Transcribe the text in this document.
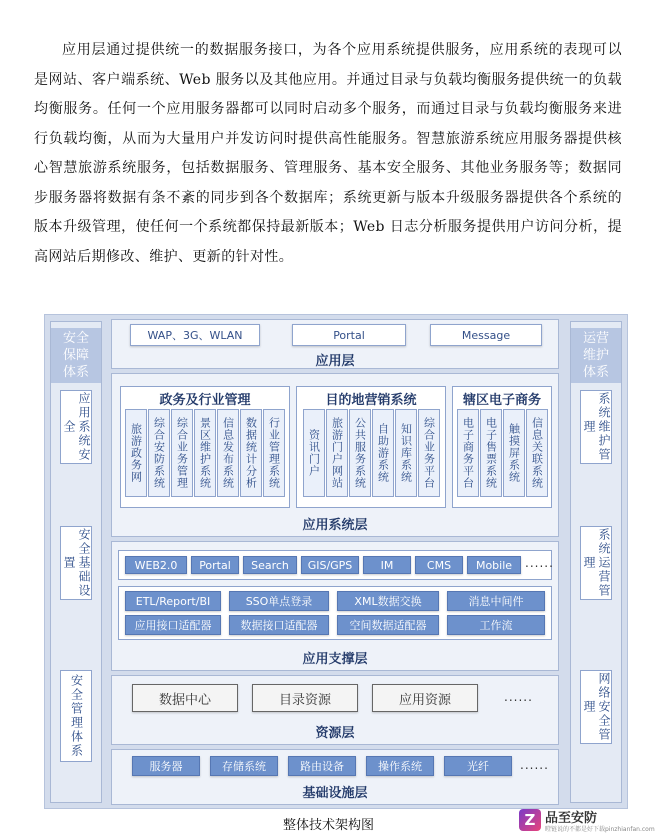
应用层通过提供统一的数据服务接口，为各个应用系统提供服务，应用系统的表现可以是网站、客户端系统、Web 服务以及其他应用。并通过目录与负载均衡服务提供统一的负载均衡服务。任何一个应用服务器都可以同时启动多个服务，而通过目录与负载均衡服务来进行负载均衡，从而为大量用户并发访问时提供高性能服务。智慧旅游系统应用服务器提供核心智慧旅游系统服务，包括数据服务、管理服务、基本安全服务、其他业务服务等；数据同步服务器将数据有条不紊的同步到各个数据库；系统更新与版本升级服务器提供各个系统的版本升级管理，使任何一个系统都保持最新版本；Web 日志分析服务提供用户访问分析，提高网站后期修改、维护、更新的针对性。
安全保障体系
应用系统安全
安全基础设置
安全管理体系
运营维护体系
系统维护管理
系统运营管理
网络安全管理
WAP、3G、WLAN	Portal	Message
应用层
政务及行业管理
旅游政务网 综合安防系统 综合业务管理 景区维护系统 信息发布系统 数据统计分析 行业管理系统
目的地营销系统
资讯门户 旅游门户网站 公共服务系统 自助游系统 知识库系统 综合业务平台
辖区电子商务
电子商务平台 电子售票系统 触摸屏系统 信息关联系统
应用系统层
WEB2.0	Portal	Search	GIS/GPS	IM	CMS	Mobile	......
ETL/Report/BI	SSO单点登录	XML数据交换	消息中间件
应用接口适配器	数据接口适配器	空间数据适配器	工作流
应用支撑层
数据中心	目录资源	应用资源	......
资源层
服务器	存储系统	路由设备	操作系统	光纤	......
基础设施层
整体技术架构图	Z 品至安防
瞪链说的不都是好下载pinzhianfan.com
